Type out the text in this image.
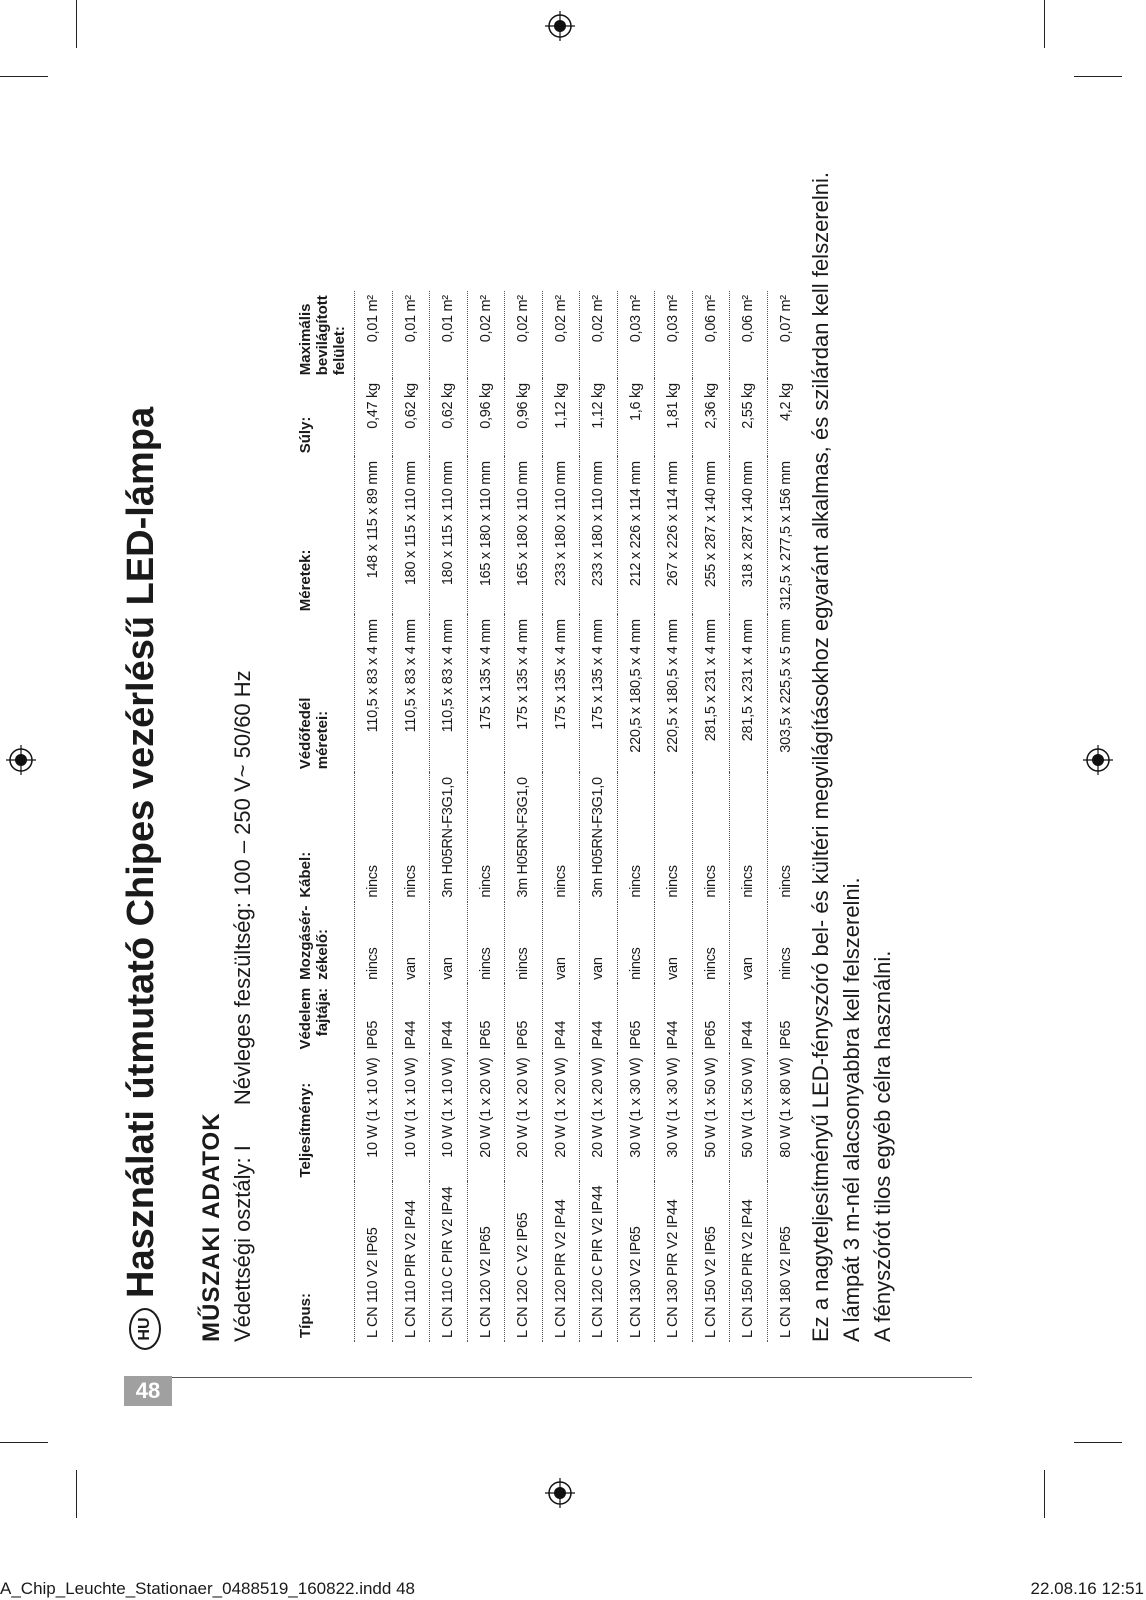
48
HU
Használati útmutató Chipes vezérlésű LED-lámpa MŰSZAKI ADATOK Védettségi osztály: I
Névleges feszültség: 100 – 250 V~ 50/60 Hz
Típus:	Teljesítmény:	Védelem
fajtája:	Mozgásér-
zékelő:	Kábel:	Védőfedél
méretei:	Méretek:	Súly:	Maximális
bevilágított
felület:
L CN 110 V2 IP65	10 W (1 x 10 W)	IP65	nincs	nincs	110,5 x 83 x 4 mm	148 x 115 x 89 mm	0,47 kg	0,01 m²
L CN 110 PIR V2 IP44	10 W (1 x 10 W)	IP44	van	nincs	110,5 x 83 x 4 mm	180 x 115 x 110 mm	0,62 kg	0,01 m²
L CN 110 C PIR V2 IP44	10 W (1 x 10 W)	IP44	van	3m H05RN-F3G1,0	110,5 x 83 x 4 mm	180 x 115 x 110 mm	0,62 kg	0,01 m²
L CN 120 V2 IP65	20 W (1 x 20 W)	IP65	nincs	nincs	175 x 135 x 4 mm	165 x 180 x 110 mm	0,96 kg	0,02 m²
L CN 120 C V2 IP65	20 W (1 x 20 W)	IP65	nincs	3m H05RN-F3G1,0	175 x 135 x 4 mm	165 x 180 x 110 mm	0,96 kg	0,02 m²
L CN 120 PIR V2 IP44	20 W (1 x 20 W)	IP44	van	nincs	175 x 135 x 4 mm	233 x 180 x 110 mm	1,12 kg	0,02 m²
L CN 120 C PIR V2 IP44	20 W (1 x 20 W)	IP44	van	3m H05RN-F3G1,0	175 x 135 x 4 mm	233 x 180 x 110 mm	1,12 kg	0,02 m²
L CN 130 V2 IP65	30 W (1 x 30 W)	IP65	nincs	nincs	220,5 x 180,5 x 4 mm	212 x 226 x 114 mm	1,6 kg	0,03 m²
L CN 130 PIR V2 IP44	30 W (1 x 30 W)	IP44	van	nincs	220,5 x 180,5 x 4 mm	267 x 226 x 114 mm	1,81 kg	0,03 m²
L CN 150 V2 IP65	50 W (1 x 50 W)	IP65	nincs	nincs	281,5 x 231 x 4 mm	255 x 287 x 140 mm	2,36 kg	0,06 m²
L CN 150 PIR V2 IP44	50 W (1 x 50 W)	IP44	van	nincs	281,5 x 231 x 4 mm	318 x 287 x 140 mm	2,55 kg	0,06 m²
L CN 180 V2 IP65	80 W (1 x 80 W)	IP65	nincs	nincs	303,5 x 225,5 x 5 mm	312,5 x 277,5 x 156 mm	4,2 kg	0,07 m² Ez a nagyteljesítményű LED-fényszóró bel- és kültéri megvilágításokhoz egyaránt alkalmas, és szilárdan kell felszerelni. A lámpát 3 m-nél alacsonyabbra kell felszerelni. A fényszórót tilos egyéb célra használni.

A_Chip_Leuchte_Stationaer_0488519_160822.indd 48	22.08.16 12:51
